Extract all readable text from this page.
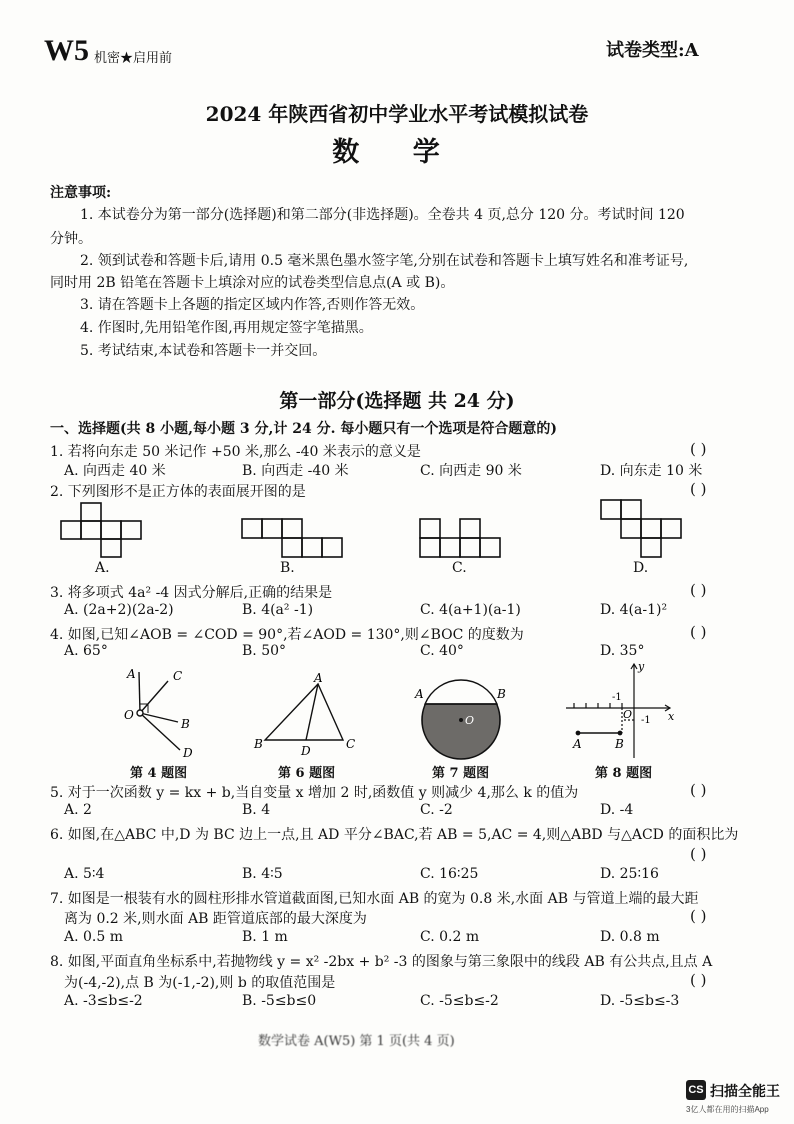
W5 机密★启用前	试卷类型:A
2024 年陕西省初中学业水平考试模拟试卷
数 学
注意事项:
1. 本试卷分为第一部分(选择题)和第二部分(非选择题)。全卷共 4 页,总分 120 分。考试时间 120
分钟。
2. 领到试卷和答题卡后,请用 0.5 毫米黑色墨水签字笔,分别在试卷和答题卡上填写姓名和准考证号,
同时用 2B 铅笔在答题卡上填涂对应的试卷类型信息点(A 或 B)。
3. 请在答题卡上各题的指定区域内作答,否则作答无效。
4. 作图时,先用铅笔作图,再用规定签字笔描黑。
5. 考试结束,本试卷和答题卡一并交回。
第一部分(选择题 共 24 分)
一、选择题(共 8 小题,每小题 3 分,计 24 分. 每小题只有一个选项是符合题意的)
1. 若将向东走 50 米记作 +50 米,那么 -40 米表示的意义是	( )
A. 向西走 40 米	B. 向西走 -40 米	C. 向西走 90 米	D. 向东走 10 米
2. 下列图形不是正方体的表面展开图的是	( )
A.	B.	C.	D.
3. 将多项式 4a² -4 因式分解后,正确的结果是	( )
A. (2a+2)(2a-2)	B. 4(a² -1)	C. 4(a+1)(a-1)	D. 4(a-1)²
4. 如图,已知∠AOB = ∠COD = 90°,若∠AOD = 130°,则∠BOC 的度数为	( )
A. 65°	B. 50°	C. 40°	D. 35°
A	C
O
B
D
A
B	D	C
A	B
O
y
-1
O -1 x
A	B
第 4 题图	第 6 题图	第 7 题图	第 8 题图
5. 对于一次函数 y = kx + b,当自变量 x 增加 2 时,函数值 y 则减少 4,那么 k 的值为	( )
A. 2	B. 4	C. -2	D. -4
6. 如图,在△ABC 中,D 为 BC 边上一点,且 AD 平分∠BAC,若 AB = 5,AC = 4,则△ABD 与△ACD 的面积比为
( )
A. 5∶4	B. 4∶5	C. 16∶25	D. 25∶16
7. 如图是一根装有水的圆柱形排水管道截面图,已知水面 AB 的宽为 0.8 米,水面 AB 与管道上端的最大距
离为 0.2 米,则水面 AB 距管道底部的最大深度为	( )
A. 0.5 m	B. 1 m	C. 0.2 m	D. 0.8 m
8. 如图,平面直角坐标系中,若抛物线 y = x² -2bx + b² -3 的图象与第三象限中的线段 AB 有公共点,且点 A
为(-4,-2),点 B 为(-1,-2),则 b 的取值范围是	( )
A. -3≤b≤-2	B. -5≤b≤0	C. -5≤b≤-2	D. -5≤b≤-3
数学试卷 A(W5) 第 1 页(共 4 页)
CS 扫描全能王
3亿人都在用的扫描App
